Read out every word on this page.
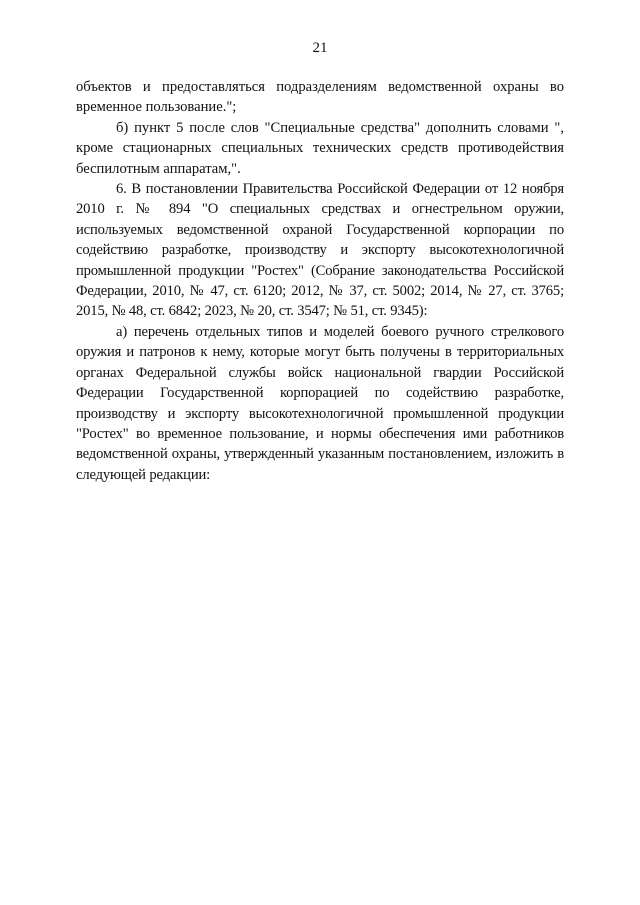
21

объектов и предоставляться подразделениям ведомственной охраны во временное пользование.";

б) пункт 5 после слов "Специальные средства" дополнить словами ", кроме стационарных специальных технических средств противодействия беспилотным аппаратам,".

6. В постановлении Правительства Российской Федерации от 12 ноября 2010 г. № 894 "О специальных средствах и огнестрельном оружии, используемых ведомственной охраной Государственной корпорации по содействию разработке, производству и экспорту высокотехнологичной промышленной продукции "Ростех" (Собрание законодательства Российской Федерации, 2010, № 47, ст. 6120; 2012, № 37, ст. 5002; 2014, № 27, ст. 3765; 2015, № 48, ст. 6842; 2023, № 20, ст. 3547; № 51, ст. 9345):

а) перечень отдельных типов и моделей боевого ручного стрелкового оружия и патронов к нему, которые могут быть получены в территориальных органах Федеральной службы войск национальной гвардии Российской Федерации Государственной корпорацией по содействию разработке, производству и экспорту высокотехнологичной промышленной продукции "Ростех" во временное пользование, и нормы обеспечения ими работников ведомственной охраны, утвержденный указанным постановлением, изложить в следующей редакции:
